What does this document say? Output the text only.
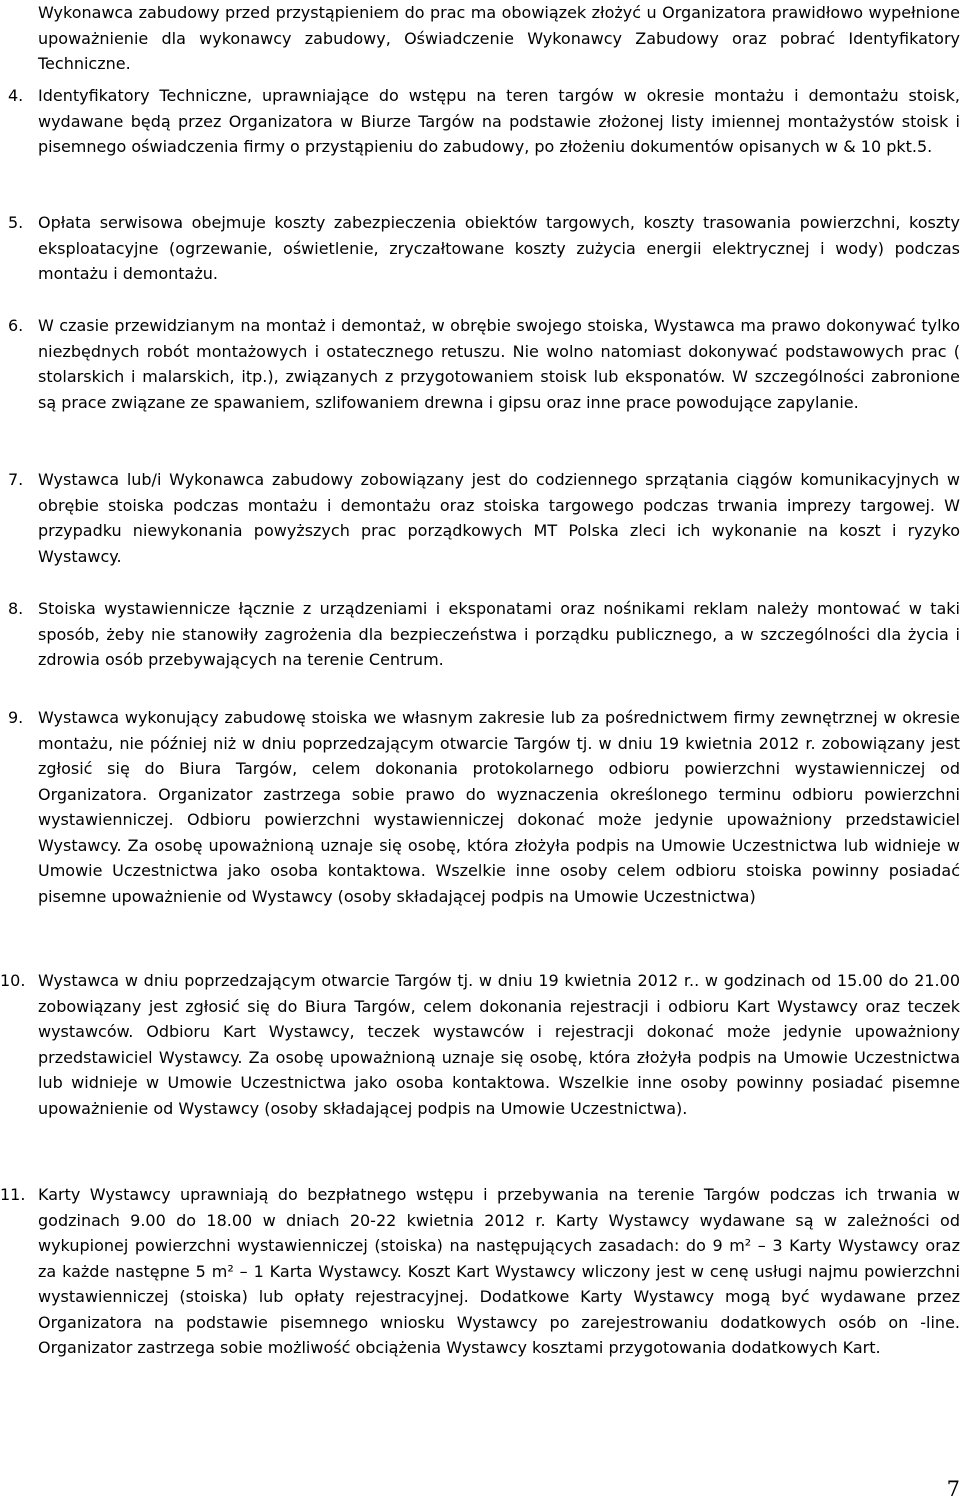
Wykonawca zabudowy przed przystąpieniem do prac ma obowiązek złożyć u Organizatora prawidłowo wypełnione upoważnienie dla wykonawcy zabudowy, Oświadczenie Wykonawcy Zabudowy oraz pobrać Identyfikatory Techniczne.

4. Identyfikatory Techniczne, uprawniające do wstępu na teren targów w okresie montażu i demontażu stoisk, wydawane będą przez Organizatora w Biurze Targów na podstawie złożonej listy imiennej montażystów stoisk i pisemnego oświadczenia firmy o przystąpieniu do zabudowy, po złożeniu dokumentów opisanych w & 10 pkt.5.

5. Opłata serwisowa obejmuje koszty zabezpieczenia obiektów targowych, koszty trasowania powierzchni, koszty eksploatacyjne (ogrzewanie, oświetlenie, zryczałtowane koszty zużycia energii elektrycznej i wody) podczas montażu i demontażu.

6. W czasie przewidzianym na montaż i demontaż, w obrębie swojego stoiska, Wystawca ma prawo dokonywać tylko niezbędnych robót montażowych i ostatecznego retuszu. Nie wolno natomiast dokonywać podstawowych prac ( stolarskich i malarskich, itp.), związanych z przygotowaniem stoisk lub eksponatów. W szczególności zabronione są prace związane ze spawaniem, szlifowaniem drewna i gipsu oraz inne prace powodujące zapylanie.

7. Wystawca lub/i Wykonawca zabudowy zobowiązany jest do codziennego sprzątania ciągów komunikacyjnych w obrębie stoiska podczas montażu i demontażu oraz stoiska targowego podczas trwania imprezy targowej. W przypadku niewykonania powyższych prac porządkowych MT Polska zleci ich wykonanie na koszt i ryzyko Wystawcy.

8. Stoiska wystawiennicze łącznie z urządzeniami i eksponatami oraz nośnikami reklam należy montować w taki sposób, żeby nie stanowiły zagrożenia dla bezpieczeństwa i porządku publicznego, a w szczególności dla życia i zdrowia osób przebywających na terenie Centrum.

9. Wystawca wykonujący zabudowę stoiska we własnym zakresie lub za pośrednictwem firmy zewnętrznej w okresie montażu, nie później niż w dniu poprzedzającym otwarcie Targów tj. w dniu 19 kwietnia 2012 r. zobowiązany jest zgłosić się do Biura Targów, celem dokonania protokolarnego odbioru powierzchni wystawienniczej od Organizatora. Organizator zastrzega sobie prawo do wyznaczenia określonego terminu odbioru powierzchni wystawienniczej. Odbioru powierzchni wystawienniczej dokonać może jedynie upoważniony przedstawiciel Wystawcy. Za osobę upoważnioną uznaje się osobę, która złożyła podpis na Umowie Uczestnictwa lub widnieje w Umowie Uczestnictwa jako osoba kontaktowa. Wszelkie inne osoby celem odbioru stoiska powinny posiadać pisemne upoważnienie od Wystawcy (osoby składającej podpis na Umowie Uczestnictwa)

10. Wystawca w dniu poprzedzającym otwarcie Targów tj. w dniu 19 kwietnia 2012 r.. w godzinach od 15.00 do 21.00 zobowiązany jest zgłosić się do Biura Targów, celem dokonania rejestracji i odbioru Kart Wystawcy oraz teczek wystawców. Odbioru Kart Wystawcy, teczek wystawców i rejestracji dokonać może jedynie upoważniony przedstawiciel Wystawcy. Za osobę upoważnioną uznaje się osobę, która złożyła podpis na Umowie Uczestnictwa lub widnieje w Umowie Uczestnictwa jako osoba kontaktowa. Wszelkie inne osoby powinny posiadać pisemne upoważnienie od Wystawcy (osoby składającej podpis na Umowie Uczestnictwa).

11. Karty Wystawcy uprawniają do bezpłatnego wstępu i przebywania na terenie Targów podczas ich trwania w godzinach 9.00 do 18.00 w dniach 20-22 kwietnia 2012 r. Karty Wystawcy wydawane są w zależności od wykupionej powierzchni wystawienniczej (stoiska) na następujących zasadach: do 9 m² – 3 Karty Wystawcy oraz za każde następne 5 m² – 1 Karta Wystawcy. Koszt Kart Wystawcy wliczony jest w cenę usługi najmu powierzchni wystawienniczej (stoiska) lub opłaty rejestracyjnej. Dodatkowe Karty Wystawcy mogą być wydawane przez Organizatora na podstawie pisemnego wniosku Wystawcy po zarejestrowaniu dodatkowych osób on -line. Organizator zastrzega sobie możliwość obciążenia Wystawcy kosztami przygotowania dodatkowych Kart.

7
